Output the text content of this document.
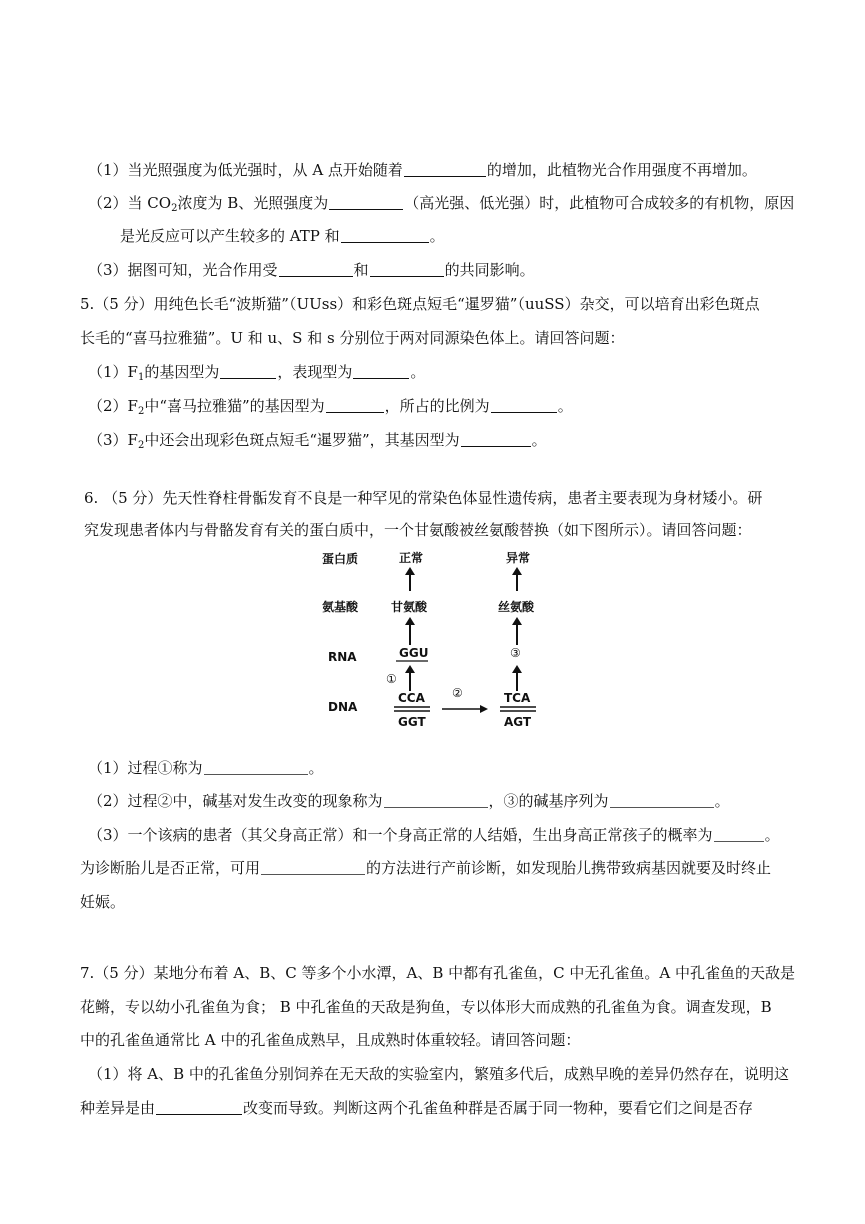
（1）当光照强度为低光强时，从 A 点开始随着	的增加，此植物光合作用强度不再增加。
（2）当 $CO_2$浓度为 B、光照强度为	（高光强、低光强）时，此植物可合成较多的有机物，原因
是光反应可以产生较多的 ATP 和	。
（3）据图可知，光合作用受	和	的共同影响。
5.（5 分）用纯色长毛“波斯猫”（UUss）和彩色斑点短毛“暹罗猫”（uuSS）杂交，可以培育出彩色斑点
长毛的“喜马拉雅猫”。U 和 u、S 和 s 分别位于两对同源染色体上。请回答问题：
$(1)F_1$的基因型为	，表现型为	。
$(2)F_2$中“喜马拉雅猫”的基因型为	，所占的比例为	。
$(3)F_2$中还会出现彩色斑点短毛“暹罗猫”，其基因型为	。
6. （5 分）先天性脊柱骨骺发育不良是一种罕见的常染色体显性遗传病，患者主要表现为身材矮小。研
究发现患者体内与骨骼发育有关的蛋白质中，一个甘氨酸被丝氨酸替换（如下图所示）。请回答问题：
蛋白质
氨基酸
RNA
DNA
正常
甘氨酸
GGU
①
CCA
GGT
②
异常
丝氨酸
③
TCA
AGT
（1）过程①称为	。
（2）过程②中，碱基对发生改变的现象称为	，③的碱基序列为	。
（3）一个该病的患者（其父身高正常）和一个身高正常的人结婚，生出身高正常孩子的概率为	。
为诊断胎儿是否正常，可用	的方法进行产前诊断，如发现胎儿携带致病基因就要及时终止
妊娠。
7.（5 分）某地分布着 A、B、C 等多个小水潭，A、B 中都有孔雀鱼，C 中无孔雀鱼。A 中孔雀鱼的天敌是
花鳉，专以幼小孔雀鱼为食； B 中孔雀鱼的天敌是狗鱼，专以体形大而成熟的孔雀鱼为食。调查发现，B
中的孔雀鱼通常比 A 中的孔雀鱼成熟早，且成熟时体重较轻。请回答问题：
（1）将 A、B 中的孔雀鱼分别饲养在无天敌的实验室内，繁殖多代后，成熟早晚的差异仍然存在，说明这
种差异是由	改变而导致。判断这两个孔雀鱼种群是否属于同一物种，要看它们之间是否存
